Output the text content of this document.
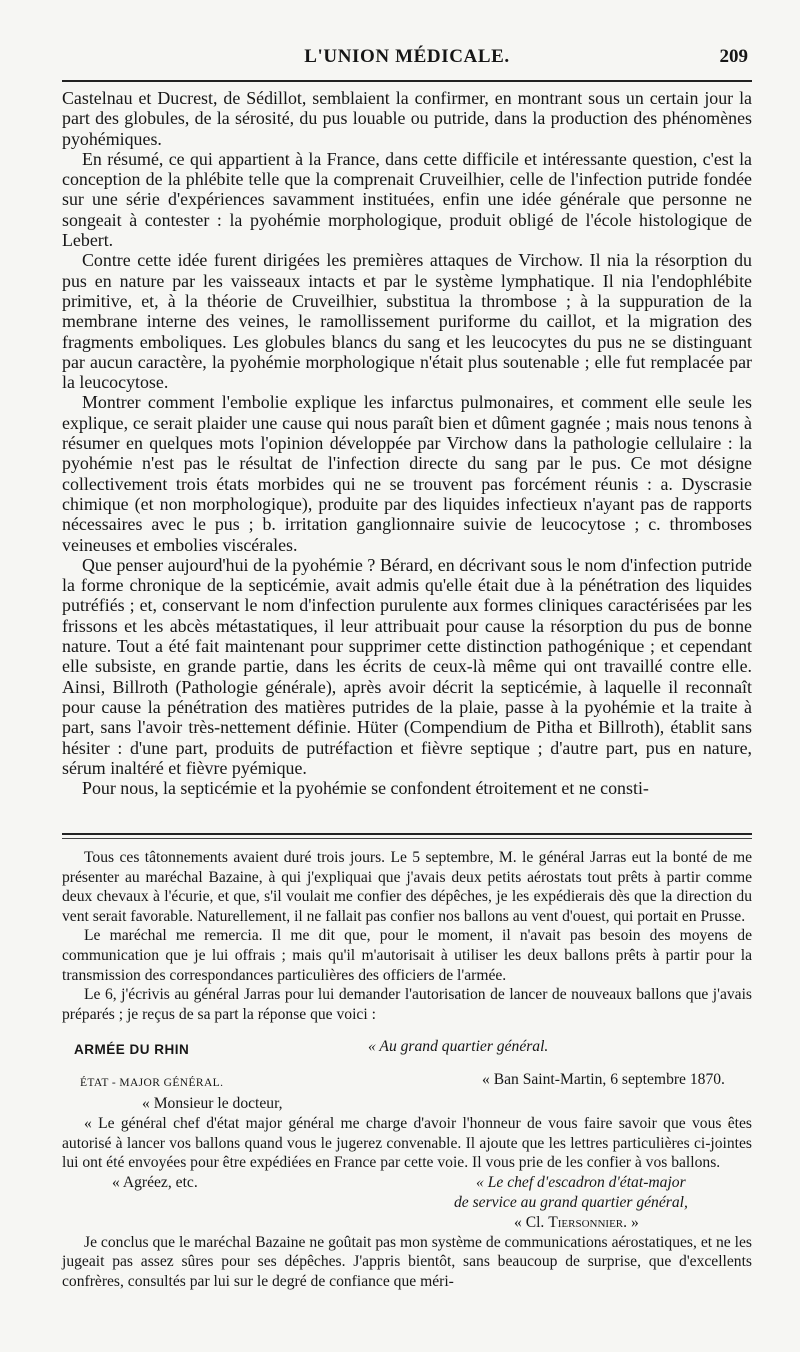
L'UNION MÉDICALE.	209

Castelnau et Ducrest, de Sédillot, semblaient la confirmer, en montrant sous un certain jour la part des globules, de la sérosité, du pus louable ou putride, dans la production des phénomènes pyohémiques.

En résumé, ce qui appartient à la France, dans cette difficile et intéressante question, c'est la conception de la phlébite telle que la comprenait Cruveilhier, celle de l'infection putride fondée sur une série d'expériences savamment instituées, enfin une idée générale que personne ne songeait à contester : la pyohémie morphologique, produit obligé de l'école histologique de Lebert.

Contre cette idée furent dirigées les premières attaques de Virchow. Il nia la résorption du pus en nature par les vaisseaux intacts et par le système lymphatique. Il nia l'endophlébite primitive, et, à la théorie de Cruveilhier, substitua la thrombose ; à la suppuration de la membrane interne des veines, le ramollissement puriforme du caillot, et la migration des fragments emboliques. Les globules blancs du sang et les leucocytes du pus ne se distinguant par aucun caractère, la pyohémie morphologique n'était plus soutenable ; elle fut remplacée par la leucocytose.

Montrer comment l'embolie explique les infarctus pulmonaires, et comment elle seule les explique, ce serait plaider une cause qui nous paraît bien et dûment gagnée ; mais nous tenons à résumer en quelques mots l'opinion développée par Virchow dans la pathologie cellulaire : la pyohémie n'est pas le résultat de l'infection directe du sang par le pus. Ce mot désigne collectivement trois états morbides qui ne se trouvent pas forcément réunis : a. Dyscrasie chimique (et non morphologique), produite par des liquides infectieux n'ayant pas de rapports nécessaires avec le pus ; b. irritation ganglionnaire suivie de leucocytose ; c. thromboses veineuses et embolies viscérales.

Que penser aujourd'hui de la pyohémie ? Bérard, en décrivant sous le nom d'infection putride la forme chronique de la septicémie, avait admis qu'elle était due à la pénétration des liquides putréfiés ; et, conservant le nom d'infection purulente aux formes cliniques caractérisées par les frissons et les abcès métastatiques, il leur attribuait pour cause la résorption du pus de bonne nature. Tout a été fait maintenant pour supprimer cette distinction pathogénique ; et cependant elle subsiste, en grande partie, dans les écrits de ceux-là même qui ont travaillé contre elle. Ainsi, Billroth (Pathologie générale), après avoir décrit la septicémie, à laquelle il reconnaît pour cause la pénétration des matières putrides de la plaie, passe à la pyohémie et la traite à part, sans l'avoir très-nettement définie. Hüter (Compendium de Pitha et Billroth), établit sans hésiter : d'une part, produits de putréfaction et fièvre septique ; d'autre part, pus en nature, sérum inaltéré et fièvre pyémique.

Pour nous, la septicémie et la pyohémie se confondent étroitement et ne consti-

Tous ces tâtonnements avaient duré trois jours. Le 5 septembre, M. le général Jarras eut la bonté de me présenter au maréchal Bazaine, à qui j'expliquai que j'avais deux petits aérostats tout prêts à partir comme deux chevaux à l'écurie, et que, s'il voulait me confier des dépêches, je les expédierais dès que la direction du vent serait favorable. Naturellement, il ne fallait pas confier nos ballons au vent d'ouest, qui portait en Prusse.

Le maréchal me remercia. Il me dit que, pour le moment, il n'avait pas besoin des moyens de communication que je lui offrais ; mais qu'il m'autorisait à utiliser les deux ballons prêts à partir pour la transmission des correspondances particulières des officiers de l'armée.

Le 6, j'écrivis au général Jarras pour lui demander l'autorisation de lancer de nouveaux ballons que j'avais préparés ; je reçus de sa part la réponse que voici :

ARMÉE DU RHIN	« Au grand quartier général.
ÉTAT - MAJOR GÉNÉRAL.	« Ban Saint-Martin, 6 septembre 1870.
« Monsieur le docteur,

« Le général chef d'état major général me charge d'avoir l'honneur de vous faire savoir que vous êtes autorisé à lancer vos ballons quand vous le jugerez convenable. Il ajoute que les lettres particulières ci-jointes lui ont été envoyées pour être expédiées en France par cette voie. Il vous prie de les confier à vos ballons.

« Agréez, etc.	« Le chef d'escadron d'état-major
de service au grand quartier général,
« Cl. Tiersonnier. »

Je conclus que le maréchal Bazaine ne goûtait pas mon système de communications aérostatiques, et ne les jugeait pas assez sûres pour ses dépêches. J'appris bientôt, sans beaucoup de surprise, que d'excellents confrères, consultés par lui sur le degré de confiance que méri-
